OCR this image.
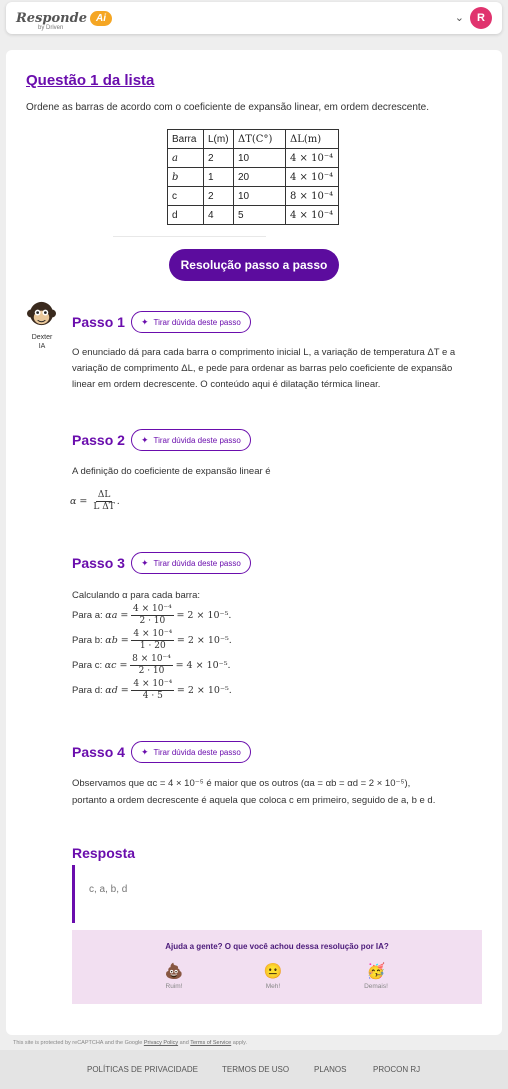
Responde Ai
by Driven
⌄	R
Questão 1 da lista
Ordene as barras de acordo com o coeficiente de expansão linear, em ordem decrescente.
Barra	L(m)	ΔT(C°)	ΔL(m)
a	2	10	4 × 10⁻⁴
b	1	20	4 × 10⁻⁴
c	2	10	8 × 10⁻⁴
d	4	5	4 × 10⁻⁴
———————————————————————————————————————————————————
Resolução passo a passo
Dexter IA
Passo 1 ✦ Tirar dúvida deste passo
O enunciado dá para cada barra o comprimento inicial L, a variação de temperatura ΔT e a variação de comprimento ΔL, e pede para ordenar as barras pelo coeficiente de expansão linear em ordem decrescente. O conteúdo aqui é dilatação térmica linear.
Passo 2 ✦ Tirar dúvida deste passo
A definição do coeficiente de expansão linear é
$\alpha = \frac{\Delta L}{\text{L ΔT}}$ .
Passo 3 ✦ Tirar dúvida deste passo
Calculando α para cada barra:
Para a:
αa =
$\frac{\text{4 × 10⁻⁴}}{2 \cdot 10}$
= 2 × 10⁻⁵.
Para b:
αb =
$\frac{\text{4 × 10⁻⁴}}{1 \cdot 20}$
= 2 × 10⁻⁵.
Para c:
αc =
$\frac{\text{8 × 10⁻⁴}}{2 \cdot 10}$
= 4 × 10⁻⁵.
Para d:
αd =
$\frac{\text{4 × 10⁻⁴}}{4 \cdot 5}$
= 2 × 10⁻⁵.
Passo 4 ✦ Tirar dúvida deste passo
Observamos que αc = 4 × 10⁻⁵ é maior que os outros (αa = αb = αd = 2 × 10⁻⁵),
portanto a ordem decrescente é aquela que coloca c em primeiro, seguido de a, b e d.
Resposta
c, a, b, d
Ajuda a gente? O que você achou dessa resolução por IA?
💩
Ruim!
😐
Meh!
🥳
Demais!
This site is protected by reCAPTCHA and the Google Privacy Policy and Terms of Service apply.
POLÍTICAS DE PRIVACIDADE	TERMOS DE USO	PLANOS	PROCON RJ
